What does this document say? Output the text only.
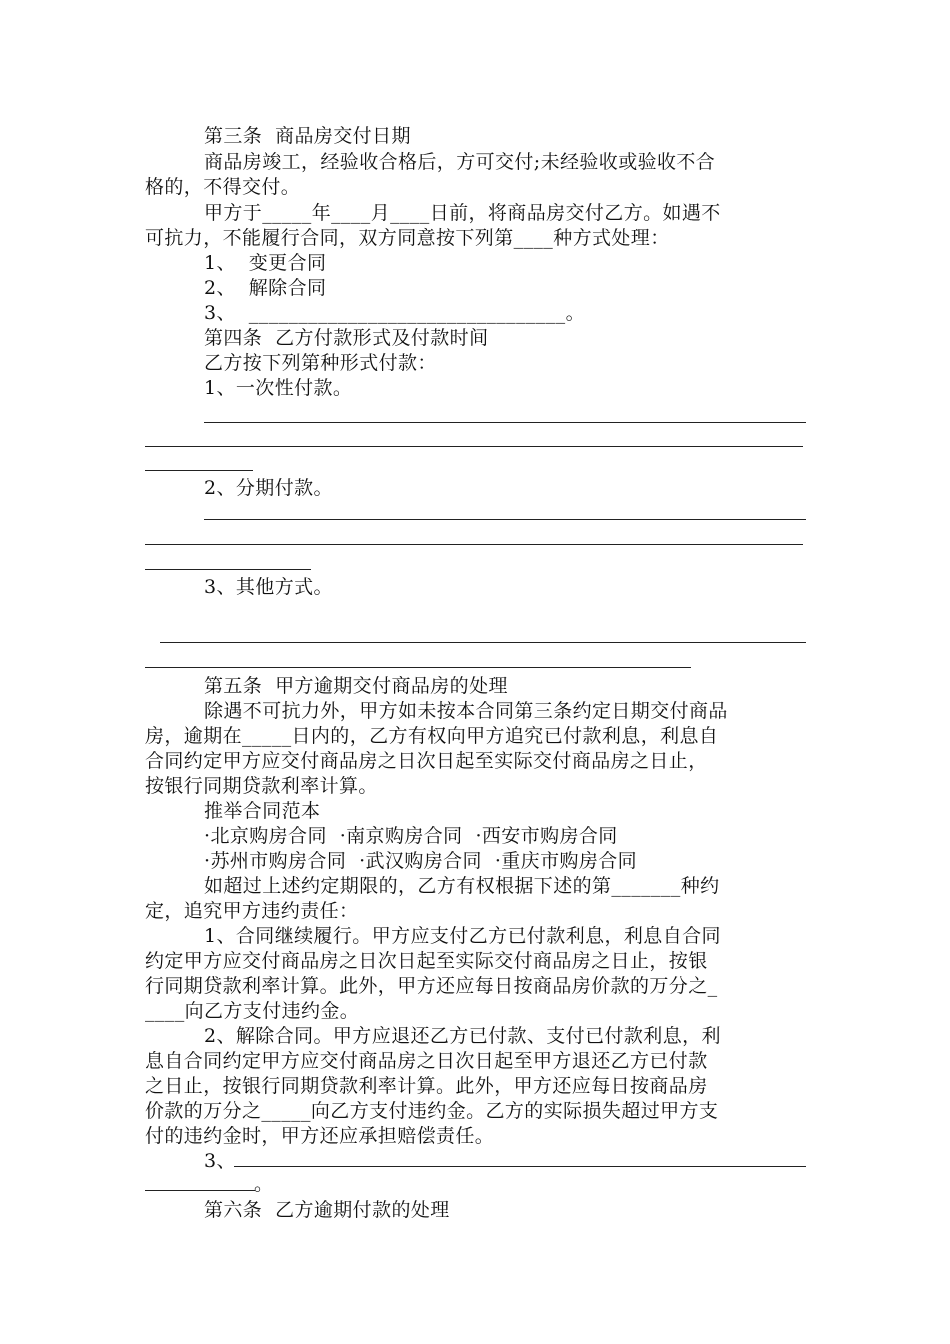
第三条  商品房交付日期
商品房竣工，经验收合格后，方可交付;未经验收或验收不合
格的，不得交付。
甲方于_____年____月____日前，将商品房交付乙方。如遇不
可抗力，不能履行合同，双方同意按下列第____种方式处理：
1、  变更合同
2、  解除合同
3、  ________________________________。
第四条  乙方付款形式及付款时间
乙方按下列第种形式付款：
1、一次性付款。
2、分期付款。
3、其他方式。
第五条  甲方逾期交付商品房的处理
除遇不可抗力外，甲方如未按本合同第三条约定日期交付商品
房，逾期在_____日内的，乙方有权向甲方追究已付款利息，利息自
合同约定甲方应交付商品房之日次日起至实际交付商品房之日止，
按银行同期贷款利率计算。
推举合同范本
·北京购房合同  ·南京购房合同  ·西安市购房合同
·苏州市购房合同  ·武汉购房合同  ·重庆市购房合同
如超过上述约定期限的，乙方有权根据下述的第_______种约
定，追究甲方违约责任：
1、合同继续履行。甲方应支付乙方已付款利息，利息自合同
约定甲方应交付商品房之日次日起至实际交付商品房之日止，按银
行同期贷款利率计算。此外，甲方还应每日按商品房价款的万分之_
____向乙方支付违约金。
2、解除合同。甲方应退还乙方已付款、支付已付款利息，利
息自合同约定甲方应交付商品房之日次日起至甲方退还乙方已付款
之日止，按银行同期贷款利率计算。此外，甲方还应每日按商品房
价款的万分之_____向乙方支付违约金。乙方的实际损失超过甲方支
付的违约金时，甲方还应承担赔偿责任。
3、
。
第六条  乙方逾期付款的处理
